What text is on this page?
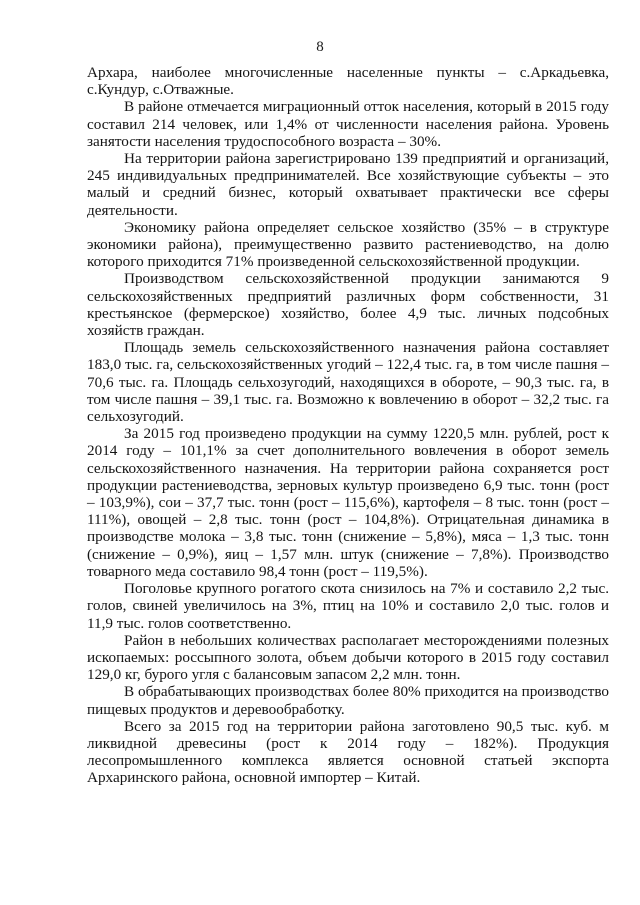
8

Архара, наиболее многочисленные населенные пункты – с.Аркадьевка, с.Кундур, с.Отважные.

В районе отмечается миграционный отток населения, который в 2015 году составил 214 человек, или 1,4% от численности населения района. Уровень занятости населения трудоспособного возраста – 30%.

На территории района зарегистрировано 139 предприятий и организаций, 245 индивидуальных предпринимателей. Все хозяйствующие субъекты – это малый и средний бизнес, который охватывает практически все сферы деятельности.

Экономику района определяет сельское хозяйство (35% – в структуре экономики района), преимущественно развито растениеводство, на долю которого приходится 71% произведенной сельскохозяйственной продукции.

Производством сельскохозяйственной продукции занимаются 9 сельскохозяйственных предприятий различных форм собственности, 31 крестьянское (фермерское) хозяйство, более 4,9 тыс. личных подсобных хозяйств граждан.

Площадь земель сельскохозяйственного назначения района составляет 183,0 тыс. га, сельскохозяйственных угодий – 122,4 тыс. га, в том числе пашня – 70,6 тыс. га. Площадь сельхозугодий, находящихся в обороте, – 90,3 тыс. га, в том числе пашня – 39,1 тыс. га. Возможно к вовлечению в оборот – 32,2 тыс. га сельхозугодий.

За 2015 год произведено продукции на сумму 1220,5 млн. рублей, рост к 2014 году – 101,1% за счет дополнительного вовлечения в оборот земель сельскохозяйственного назначения. На территории района сохраняется рост продукции растениеводства, зерновых культур произведено 6,9 тыс. тонн (рост – 103,9%), сои – 37,7 тыс. тонн (рост – 115,6%), картофеля – 8 тыс. тонн (рост – 111%), овощей – 2,8 тыс. тонн (рост – 104,8%). Отрицательная динамика в производстве молока – 3,8 тыс. тонн (снижение – 5,8%), мяса – 1,3 тыс. тонн (снижение – 0,9%), яиц – 1,57 млн. штук (снижение – 7,8%). Производство товарного меда составило 98,4 тонн (рост – 119,5%).

Поголовье крупного рогатого скота снизилось на 7% и составило 2,2 тыс. голов, свиней увеличилось на 3%, птиц на 10% и составило 2,0 тыс. голов и 11,9 тыс. голов соответственно.

Район в небольших количествах располагает месторождениями полезных ископаемых: россыпного золота, объем добычи которого в 2015 году составил 129,0 кг, бурого угля с балансовым запасом 2,2 млн. тонн.

В обрабатывающих производствах более 80% приходится на производство пищевых продуктов и деревообработку.

Всего за 2015 год на территории района заготовлено 90,5 тыс. куб. м ликвидной древесины (рост к 2014 году – 182%). Продукция лесопромышленного комплекса является основной статьей экспорта Архаринского района, основной импортер – Китай.
